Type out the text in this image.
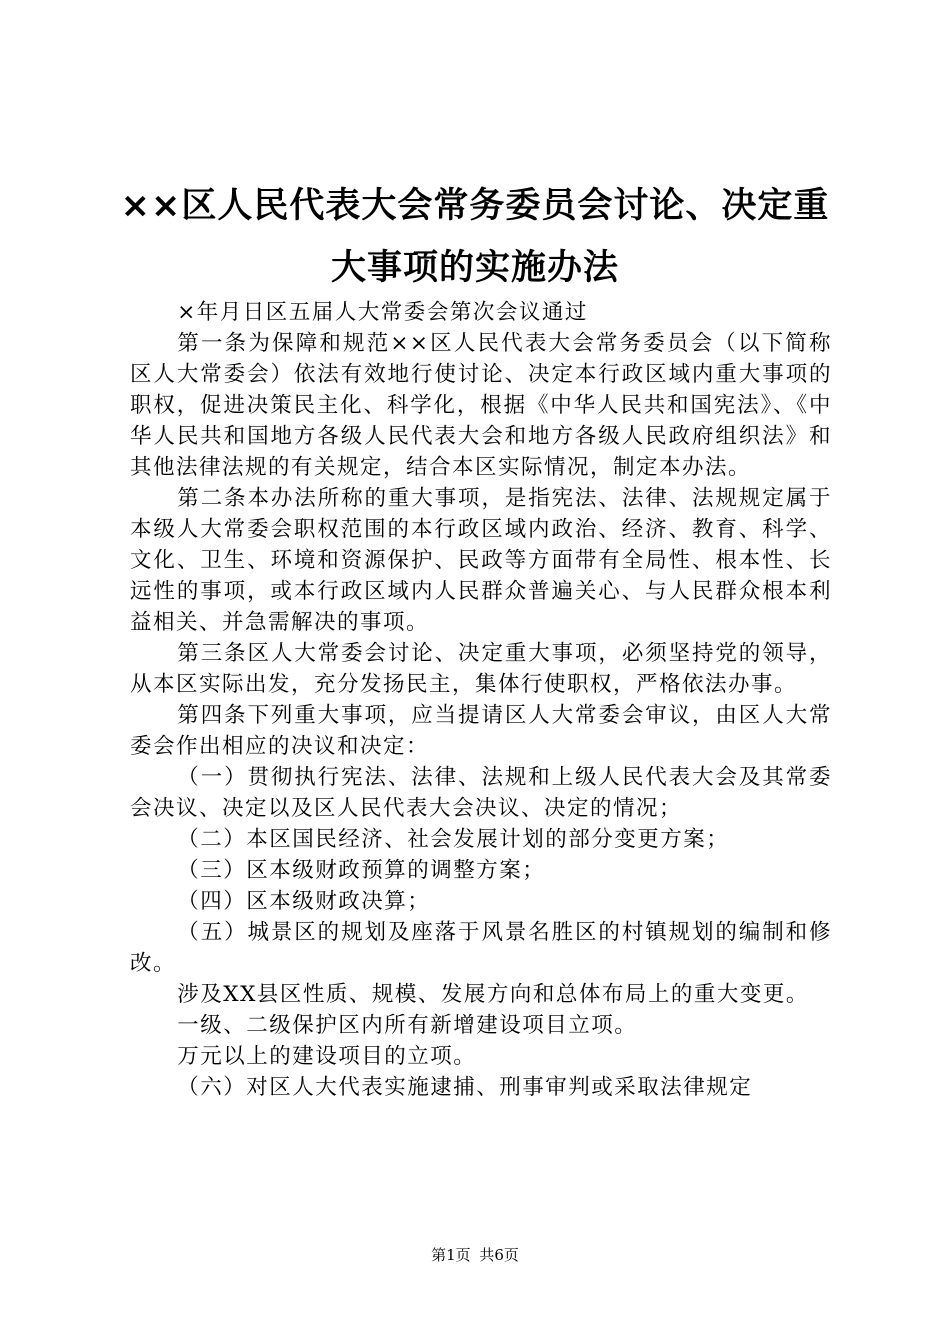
××区人民代表大会常务委员会讨论、决定重
大事项的实施办法

×年月日区五届人大常委会第次会议通过

第一条为保障和规范××区人民代表大会常务委员会（以下简称区人大常委会）依法有效地行使讨论、决定本行政区域内重大事项的职权，促进决策民主化、科学化，根据《中华人民共和国宪法》、《中华人民共和国地方各级人民代表大会和地方各级人民政府组织法》和其他法律法规的有关规定，结合本区实际情况，制定本办法。

第二条本办法所称的重大事项，是指宪法、法律、法规规定属于本级人大常委会职权范围的本行政区域内政治、经济、教育、科学、文化、卫生、环境和资源保护、民政等方面带有全局性、根本性、长远性的事项，或本行政区域内人民群众普遍关心、与人民群众根本利益相关、并急需解决的事项。

第三条区人大常委会讨论、决定重大事项，必须坚持党的领导，从本区实际出发，充分发扬民主，集体行使职权，严格依法办事。

第四条下列重大事项，应当提请区人大常委会审议，由区人大常委会作出相应的决议和决定：

（一）贯彻执行宪法、法律、法规和上级人民代表大会及其常委会决议、决定以及区人民代表大会决议、决定的情况；

（二）本区国民经济、社会发展计划的部分变更方案；

（三）区本级财政预算的调整方案；

（四）区本级财政决算；

（五）城景区的规划及座落于风景名胜区的村镇规划的编制和修改。

涉及XX县区性质、规模、发展方向和总体布局上的重大变更。

一级、二级保护区内所有新增建设项目立项。

万元以上的建设项目的立项。

（六）对区人大代表实施逮捕、刑事审判或采取法律规定

第1页 共6页
